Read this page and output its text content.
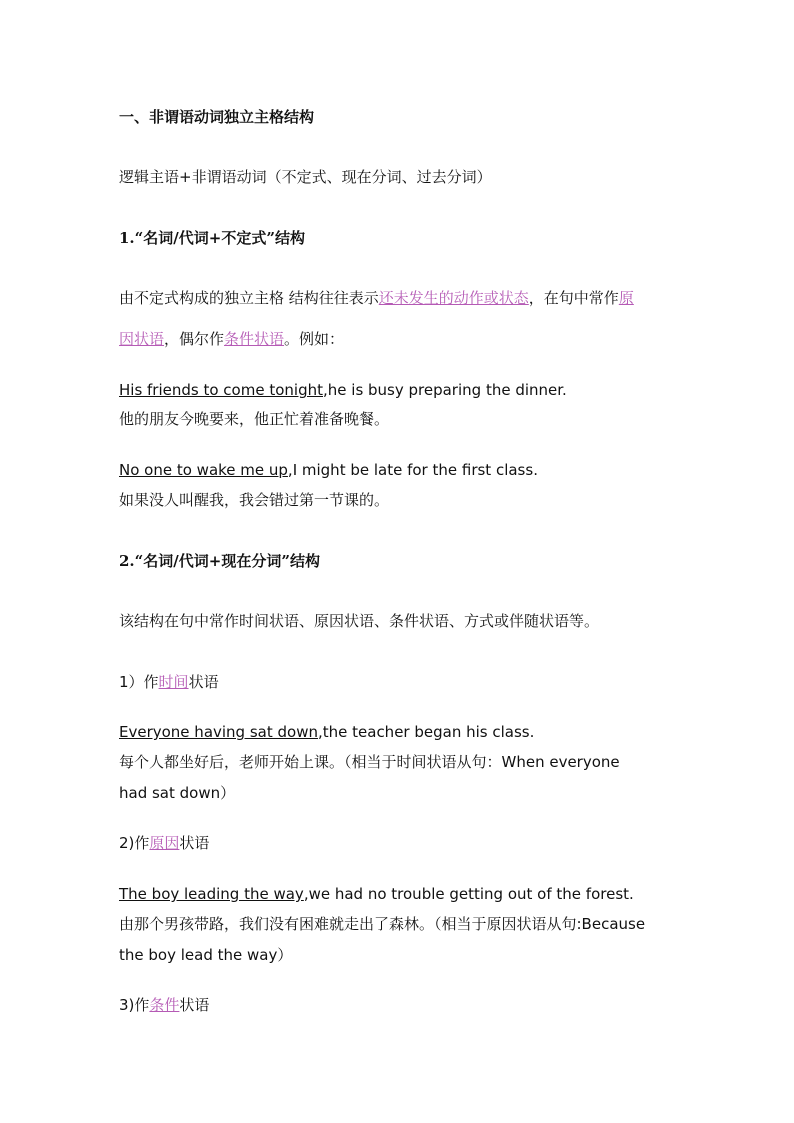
一、非谓语动词独立主格结构
逻辑主语+非谓语动词（不定式、现在分词、过去分词）
1.“名词/代词+不定式”结构
由不定式构成的独立主格 结构往往表示还未发生的动作或状态，在句中常作原
因状语，偶尔作条件状语。例如：
His friends to come tonight,he is busy preparing the dinner.
他的朋友今晚要来，他正忙着准备晚餐。
No one to wake me up,I might be late for the first class.
如果没人叫醒我，我会错过第一节课的。
2.“名词/代词+现在分词”结构
该结构在句中常作时间状语、原因状语、条件状语、方式或伴随状语等。
1）作时间状语
Everyone having sat down,the teacher began his class.
每个人都坐好后，老师开始上课。（相当于时间状语从句：When everyone
had sat down）
2)作原因状语
The boy leading the way,we had no trouble getting out of the forest.
由那个男孩带路，我们没有困难就走出了森林。（相当于原因状语从句:Because
the boy lead the way）
3)作条件状语
